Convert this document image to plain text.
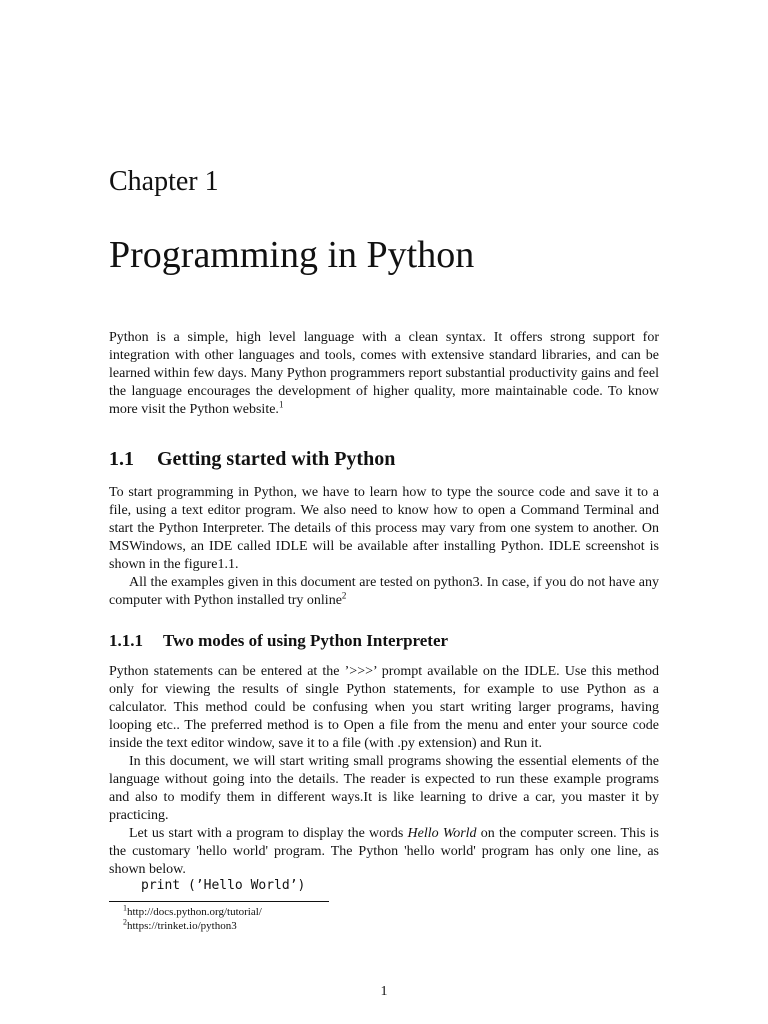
Chapter 1
Programming in Python

Python is a simple, high level language with a clean syntax. It offers strong support for integration with other languages and tools, comes with extensive standard libraries, and can be learned within few days. Many Python programmers report substantial productivity gains and feel the language encourages the development of higher quality, more maintainable code. To know more visit the Python website.$^1$

1.1 Getting started with Python

To start programming in Python, we have to learn how to type the source code and save it to a file, using a text editor program. We also need to know how to open a Command Terminal and start the Python Interpreter. The details of this process may vary from one system to another. On MSWindows, an IDE called IDLE will be available after installing Python. IDLE screenshot is shown in the figure1.1.

All the examples given in this document are tested on python3. In case, if you do not have any computer with Python installed try online$^2$

1.1.1 Two modes of using Python Interpreter

Python statements can be entered at the ’>>>’ prompt available on the IDLE. Use this method only for viewing the results of single Python statements, for example to use Python as a calculator. This method could be confusing when you start writing larger programs, having looping etc.. The preferred method is to Open a file from the menu and enter your source code inside the text editor window, save it to a file (with .py extension) and Run it.

In this document, we will start writing small programs showing the essential elements of the language without going into the details. The reader is expected to run these example programs and also to modify them in different ways.It is like learning to drive a car, you master it by practicing.

Let us start with a program to display the words Hello World on the computer screen. This is the customary 'hello world' program. The Python 'hello world' program has only one line, as shown below.

print (’Hello World’)
$^1$http://docs.python.org/tutorial/
$^2$https://trinket.io/python3
1
